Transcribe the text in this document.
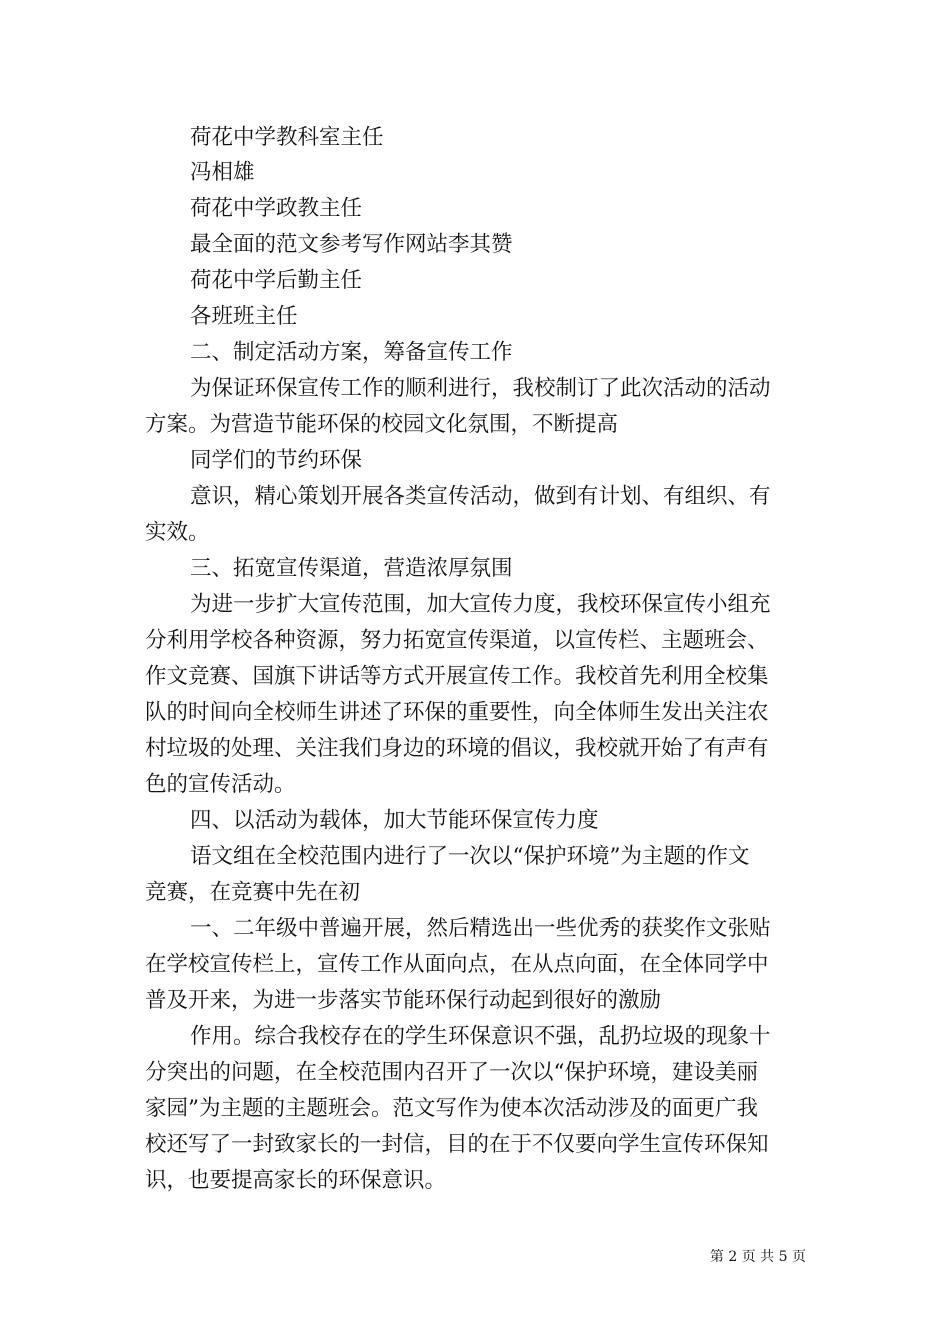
荷花中学教科室主任
冯相雄
荷花中学政教主任
最全面的范文参考写作网站李其赞
荷花中学后勤主任
各班班主任
二、制定活动方案，筹备宣传工作
为保证环保宣传工作的顺利进行，我校制订了此次活动的活动
方案。为营造节能环保的校园文化氛围，不断提高
同学们的节约环保
意识，精心策划开展各类宣传活动，做到有计划、有组织、有
实效。
三、拓宽宣传渠道，营造浓厚氛围
为进一步扩大宣传范围，加大宣传力度，我校环保宣传小组充
分利用学校各种资源，努力拓宽宣传渠道，以宣传栏、主题班会、
作文竞赛、国旗下讲话等方式开展宣传工作。我校首先利用全校集
队的时间向全校师生讲述了环保的重要性，向全体师生发出关注农
村垃圾的处理、关注我们身边的环境的倡议，我校就开始了有声有
色的宣传活动。
四、以活动为载体，加大节能环保宣传力度
语文组在全校范围内进行了一次以“保护环境”为主题的作文
竞赛，在竞赛中先在初
一、二年级中普遍开展，然后精选出一些优秀的获奖作文张贴
在学校宣传栏上，宣传工作从面向点，在从点向面，在全体同学中
普及开来，为进一步落实节能环保行动起到很好的激励
作用。综合我校存在的学生环保意识不强，乱扔垃圾的现象十
分突出的问题，在全校范围内召开了一次以“保护环境，建设美丽
家园”为主题的主题班会。范文写作为使本次活动涉及的面更广我
校还写了一封致家长的一封信，目的在于不仅要向学生宣传环保知
识，也要提高家长的环保意识。
第 2 页 共 5 页
